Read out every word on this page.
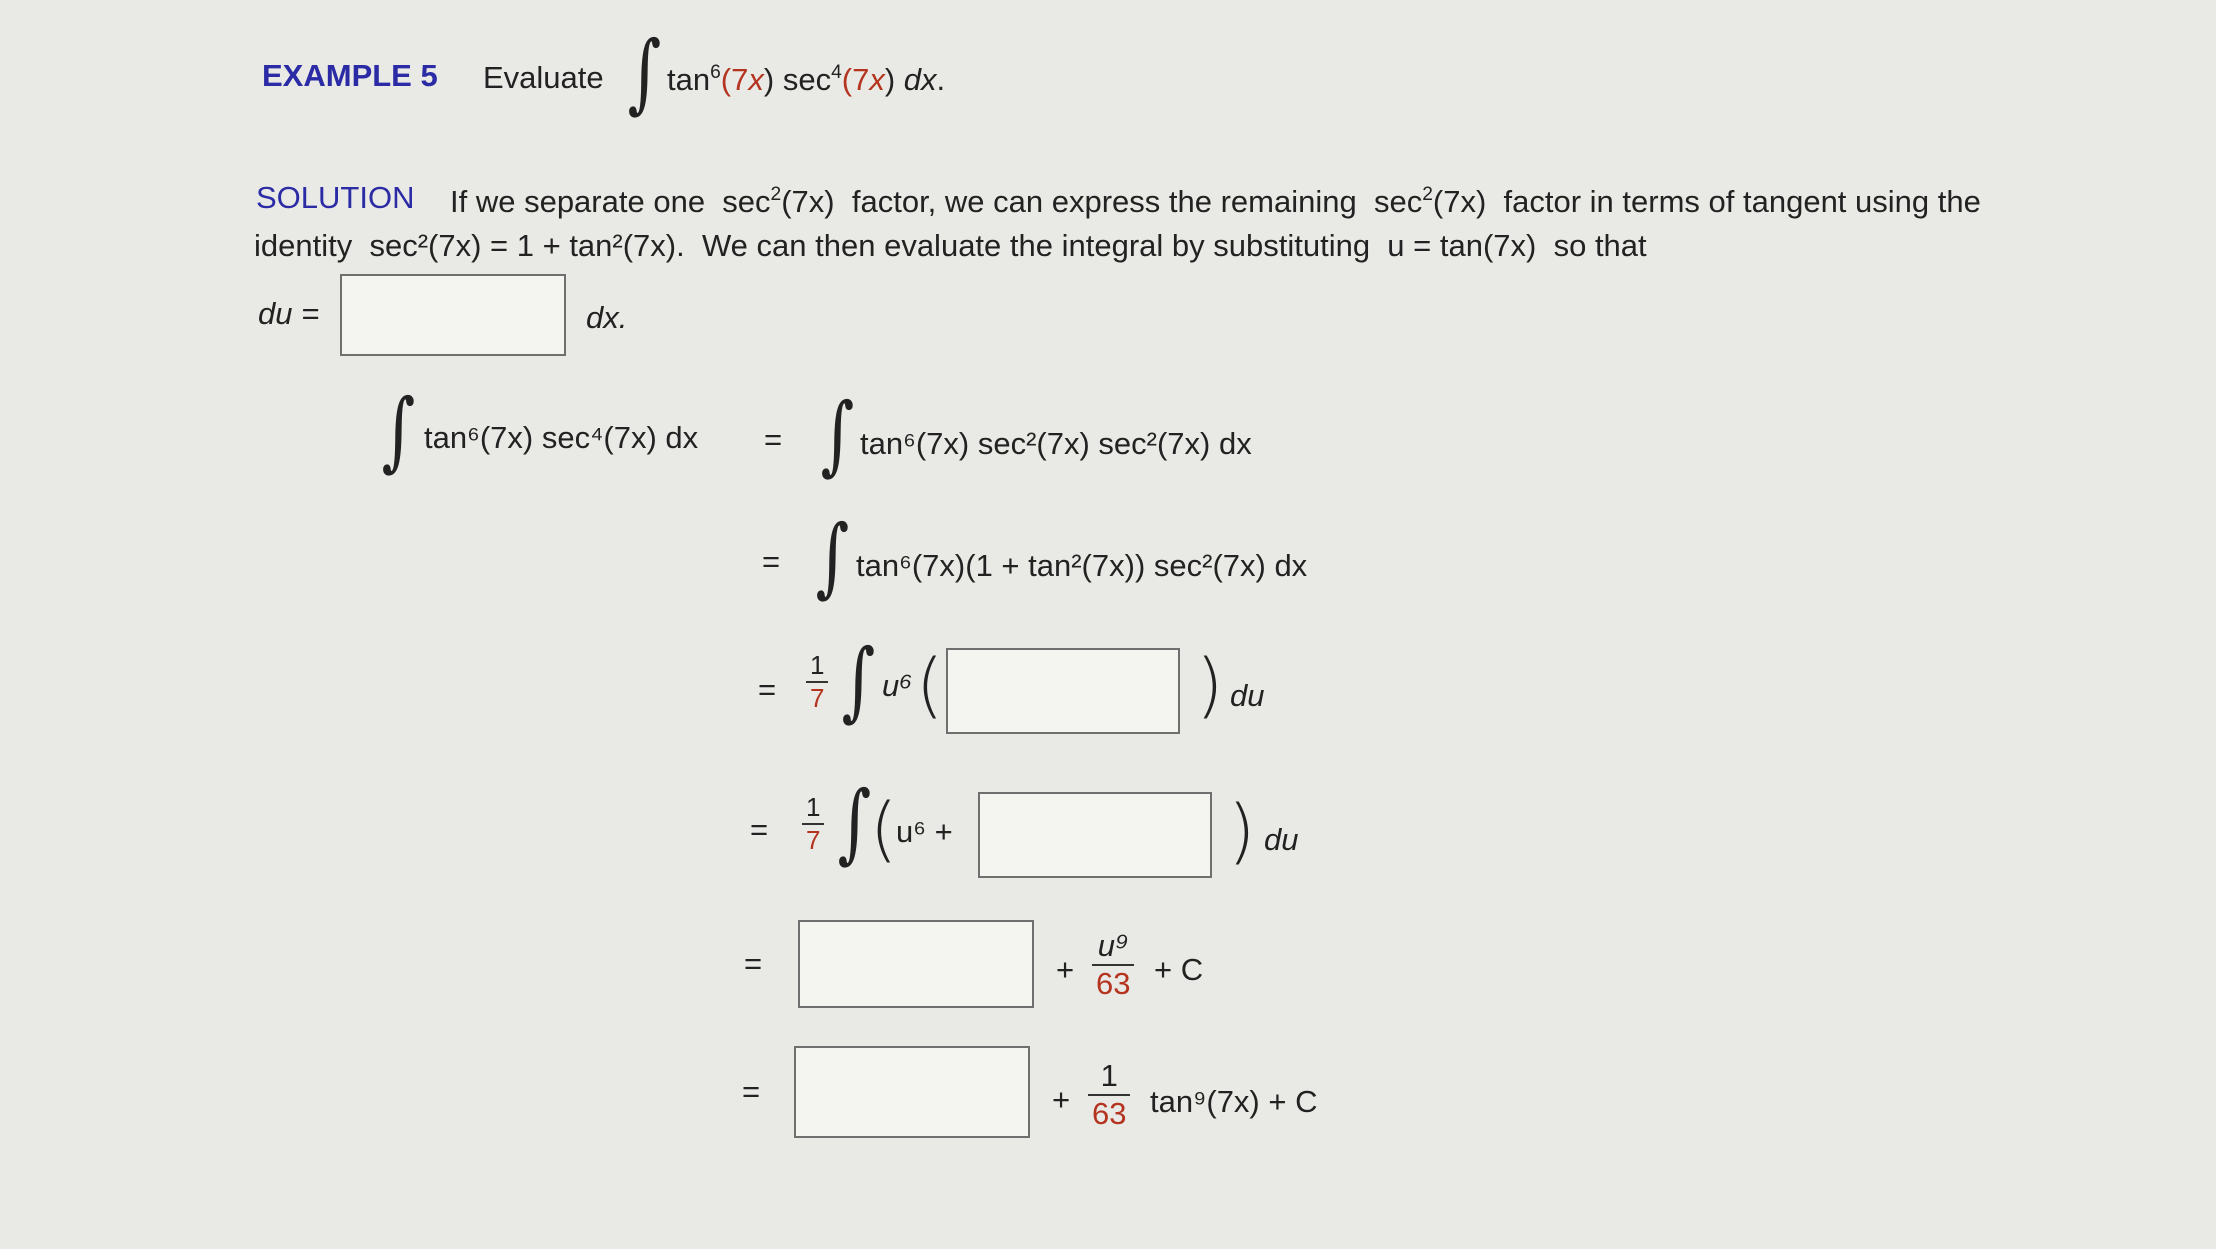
EXAMPLE 5 Evaluate ∫ $\tan^6(7x)$ $\sec^4(7x)$ dx.
SOLUTION If we separate one $\sec^2(7x)$ factor, we can express the remaining $\sec^2(7x)$ factor in terms of tangent using the
identity sec²(7x) = 1 + tan²(7x). We can then evaluate the integral by substituting u = tan(7x) so that
du =	dx.
∫ tan⁶(7x) sec⁴(7x) dx = ∫ tan⁶(7x) sec²(7x) sec²(7x) dx
= ∫ tan⁶(7x)(1 + tan²(7x)) sec²(7x) dx
= $\frac{1}{7}$ ∫ u⁶ (	) du
= $\frac{1}{7}$ ∫
(
u⁶ +	) du
=	+ $\frac{\text{u⁹}}{63} + C$
=	+ $\frac{1}{63} \tan^9(7x) + C$
